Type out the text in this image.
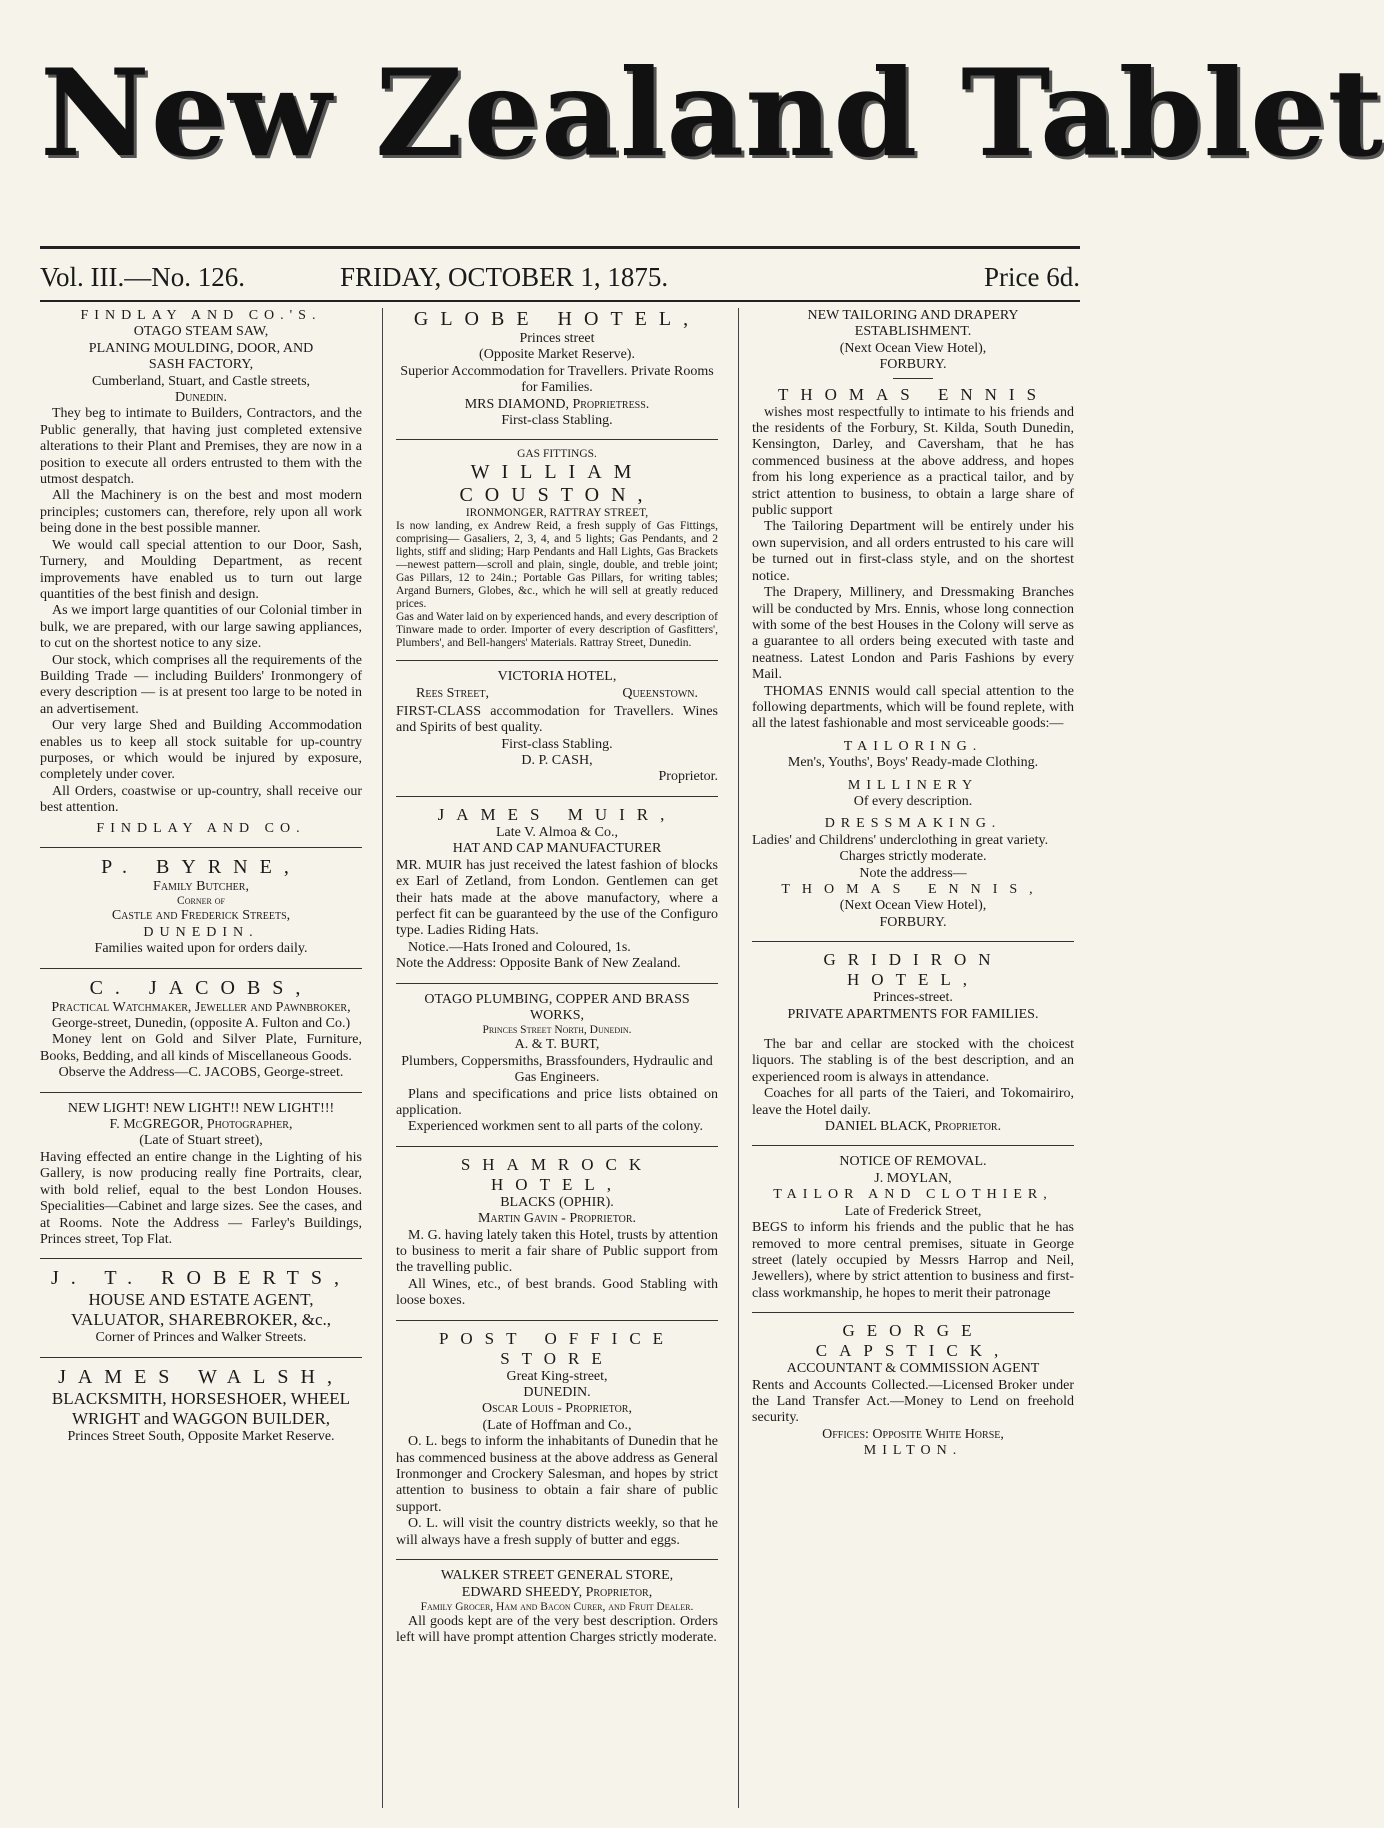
New Zealand Tablet
Vol. III.—No. 126.	FRIDAY, OCTOBER 1, 1875.	Price 6d.
FINDLAY AND CO.'S.
OTAGO STEAM SAW,
PLANING MOULDING, DOOR, AND
SASH FACTORY,
Cumberland, Stuart, and Castle streets,
Dunedin.

They beg to intimate to Builders, Contractors, and the Public generally, that having just completed extensive alterations to their Plant and Premises, they are now in a position to execute all orders entrusted to them with the utmost despatch.

All the Machinery is on the best and most modern principles; customers can, therefore, rely upon all work being done in the best possible manner.

We would call special attention to our Door, Sash, Turnery, and Moulding Department, as recent improvements have enabled us to turn out large quantities of the best finish and design.

As we import large quantities of our Colonial timber in bulk, we are prepared, with our large sawing appliances, to cut on the shortest notice to any size.

Our stock, which comprises all the requirements of the Building Trade — including Builders' Ironmongery of every description — is at present too large to be noted in an advertisement.

Our very large Shed and Building Accommodation enables us to keep all stock suitable for up-country purposes, or which would be injured by exposure, completely under cover.

All Orders, coastwise or up-country, shall receive our best attention.

FINDLAY AND CO.
P. BYRNE,
Family Butcher,
Corner of
Castle and Frederick Streets,
DUNEDIN.
Families waited upon for orders daily.
C. JACOBS,
Practical Watchmaker, Jeweller and Pawnbroker,
George-street, Dunedin, (opposite A. Fulton and Co.)

Money lent on Gold and Silver Plate, Furniture, Books, Bedding, and all kinds of Miscellaneous Goods.

Observe the Address—C. JACOBS, George-street.
NEW LIGHT! NEW LIGHT!! NEW LIGHT!!!
F. McGREGOR, Photographer,
(Late of Stuart street),

Having effected an entire change in the Lighting of his Gallery, is now producing really fine Portraits, clear, with bold relief, equal to the best London Houses. Specialities—Cabinet and large sizes. See the cases, and at Rooms. Note the Address — Farley's Buildings, Princes street, Top Flat.

J. T. ROBERTS,
HOUSE AND ESTATE AGENT,
VALUATOR, SHAREBROKER, &c.,
Corner of Princes and Walker Streets.
JAMES WALSH,
BLACKSMITH, HORSESHOER, WHEEL
WRIGHT and WAGGON BUILDER,
Princes Street South, Opposite Market Reserve.
GLOBE HOTEL,
Princes street
(Opposite Market Reserve).
Superior Accommodation for Travellers. Private Rooms for Families.
MRS DIAMOND, Proprietress.
First-class Stabling.
GAS FITTINGS.
WILLIAM COUSTON,
IRONMONGER, RATTRAY STREET,

Is now landing, ex Andrew Reid, a fresh supply of Gas Fittings, comprising— Gasaliers, 2, 3, 4, and 5 lights; Gas Pendants, and 2 lights, stiff and sliding; Harp Pendants and Hall Lights, Gas Brackets—newest pattern—scroll and plain, single, double, and treble joint; Gas Pillars, 12 to 24in.; Portable Gas Pillars, for writing tables; Argand Burners, Globes, &c., which he will sell at greatly reduced prices.

Gas and Water laid on by experienced hands, and every description of Tinware made to order. Importer of every description of Gasfitters', Plumbers', and Bell-hangers' Materials. Rattray Street, Dunedin.

VICTORIA HOTEL,
Rees Street,	Queenstown.

FIRST-CLASS accommodation for Travellers. Wines and Spirits of best quality.

First-class Stabling.
D. P. CASH,
Proprietor.
JAMES MUIR,
Late V. Almoa & Co.,
HAT AND CAP MANUFACTURER

MR. MUIR has just received the latest fashion of blocks ex Earl of Zetland, from London. Gentlemen can get their hats made at the above manufactory, where a perfect fit can be guaranteed by the use of the Configuro type. Ladies Riding Hats.

Notice.—Hats Ironed and Coloured, 1s.

Note the Address: Opposite Bank of New Zealand.

OTAGO PLUMBING, COPPER AND BRASS WORKS,
Princes Street North, Dunedin.
A. & T. BURT,
Plumbers, Coppersmiths, Brassfounders, Hydraulic and Gas Engineers.

Plans and specifications and price lists obtained on application.

Experienced workmen sent to all parts of the colony.

SHAMROCK HOTEL,
BLACKS (OPHIR).
Martin Gavin - Proprietor.

M. G. having lately taken this Hotel, trusts by attention to business to merit a fair share of Public support from the travelling public.

All Wines, etc., of best brands. Good Stabling with loose boxes.

POST OFFICE STORE
Great King-street,
DUNEDIN.
Oscar Louis - Proprietor,
(Late of Hoffman and Co.,

O. L. begs to inform the inhabitants of Dunedin that he has commenced business at the above address as General Ironmonger and Crockery Salesman, and hopes by strict attention to business to obtain a fair share of public support.

O. L. will visit the country districts weekly, so that he will always have a fresh supply of butter and eggs.

WALKER STREET GENERAL STORE,
EDWARD SHEEDY, Proprietor,
Family Grocer, Ham and Bacon Curer, and Fruit Dealer.

All goods kept are of the very best description. Orders left will have prompt attention Charges strictly moderate.

NEW TAILORING AND DRAPERY ESTABLISHMENT.
(Next Ocean View Hotel),
FORBURY.
THOMAS ENNIS

wishes most respectfully to intimate to his friends and the residents of the Forbury, St. Kilda, South Dunedin, Kensington, Darley, and Caversham, that he has commenced business at the above address, and hopes from his long experience as a practical tailor, and by strict attention to business, to obtain a large share of public support

The Tailoring Department will be entirely under his own supervision, and all orders entrusted to his care will be turned out in first-class style, and on the shortest notice.

The Drapery, Millinery, and Dressmaking Branches will be conducted by Mrs. Ennis, whose long connection with some of the best Houses in the Colony will serve as a guarantee to all orders being executed with taste and neatness. Latest London and Paris Fashions by every Mail.

THOMAS ENNIS would call special attention to the following departments, which will be found replete, with all the latest fashionable and most serviceable goods:—

TAILORING.
Men's, Youths', Boys' Ready-made Clothing.
MILLINERY
Of every description.
DRESSMAKING.

Ladies' and Childrens' underclothing in great variety.

Charges strictly moderate.
Note the address—
THOMAS ENNIS,
(Next Ocean View Hotel),
FORBURY.
GRIDIRON HOTEL,
Princes-street.
PRIVATE APARTMENTS FOR FAMILIES.

The bar and cellar are stocked with the choicest liquors. The stabling is of the best description, and an experienced room is always in attendance.

Coaches for all parts of the Taieri, and Tokomairiro, leave the Hotel daily.

DANIEL BLACK, Proprietor.
NOTICE OF REMOVAL.
J. MOYLAN,
TAILOR AND CLOTHIER,
Late of Frederick Street,

BEGS to inform his friends and the public that he has removed to more central premises, situate in George street (lately occupied by Messrs Harrop and Neil, Jewellers), where by strict attention to business and first-class workmanship, he hopes to merit their patronage

GEORGE CAPSTICK,
ACCOUNTANT & COMMISSION AGENT

Rents and Accounts Collected.—Licensed Broker under the Land Transfer Act.—Money to Lend on freehold security.

Offices: Opposite White Horse,
MILTON.
